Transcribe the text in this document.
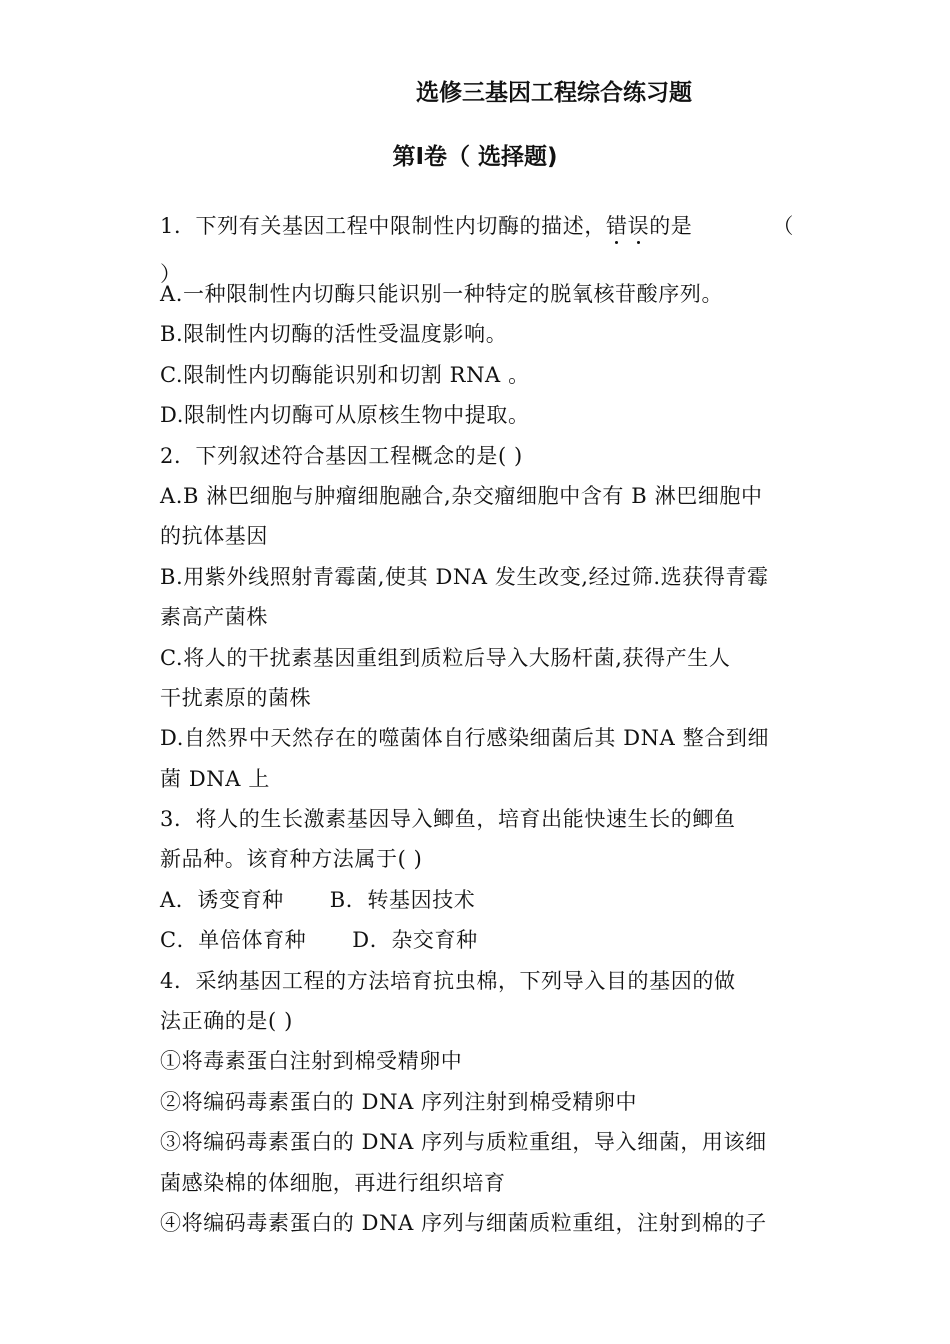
选修三基因工程综合练习题
第Ⅰ卷（ 选择题)
1．下列有关基因工程中限制性内切酶的描述，错误的是	（
）
A.一种限制性内切酶只能识别一种特定的脱氧核苷酸序列。
B.限制性内切酶的活性受温度影响。
C.限制性内切酶能识别和切割 RNA 。
D.限制性内切酶可从原核生物中提取。
2．下列叙述符合基因工程概念的是( )
A.B 淋巴细胞与肿瘤细胞融合,杂交瘤细胞中含有 B 淋巴细胞中
的抗体基因
B.用紫外线照射青霉菌,使其 DNA 发生改变,经过筛.选获得青霉
素高产菌株
C.将人的干扰素基因重组到质粒后导入大肠杆菌,获得产生人
干扰素原的菌株
D.自然界中天然存在的噬菌体自行感染细菌后其 DNA 整合到细
菌 DNA 上
3．将人的生长激素基因导入鲫鱼，培育出能快速生长的鲫鱼
新品种。该育种方法属于( )
A．诱变育种 B．转基因技术
C．单倍体育种 D．杂交育种
4．采纳基因工程的方法培育抗虫棉，下列导入目的基因的做
法正确的是( )
①将毒素蛋白注射到棉受精卵中
②将编码毒素蛋白的 DNA 序列注射到棉受精卵中
③将编码毒素蛋白的 DNA 序列与质粒重组，导入细菌，用该细
菌感染棉的体细胞，再进行组织培育
④将编码毒素蛋白的 DNA 序列与细菌质粒重组，注射到棉的子
